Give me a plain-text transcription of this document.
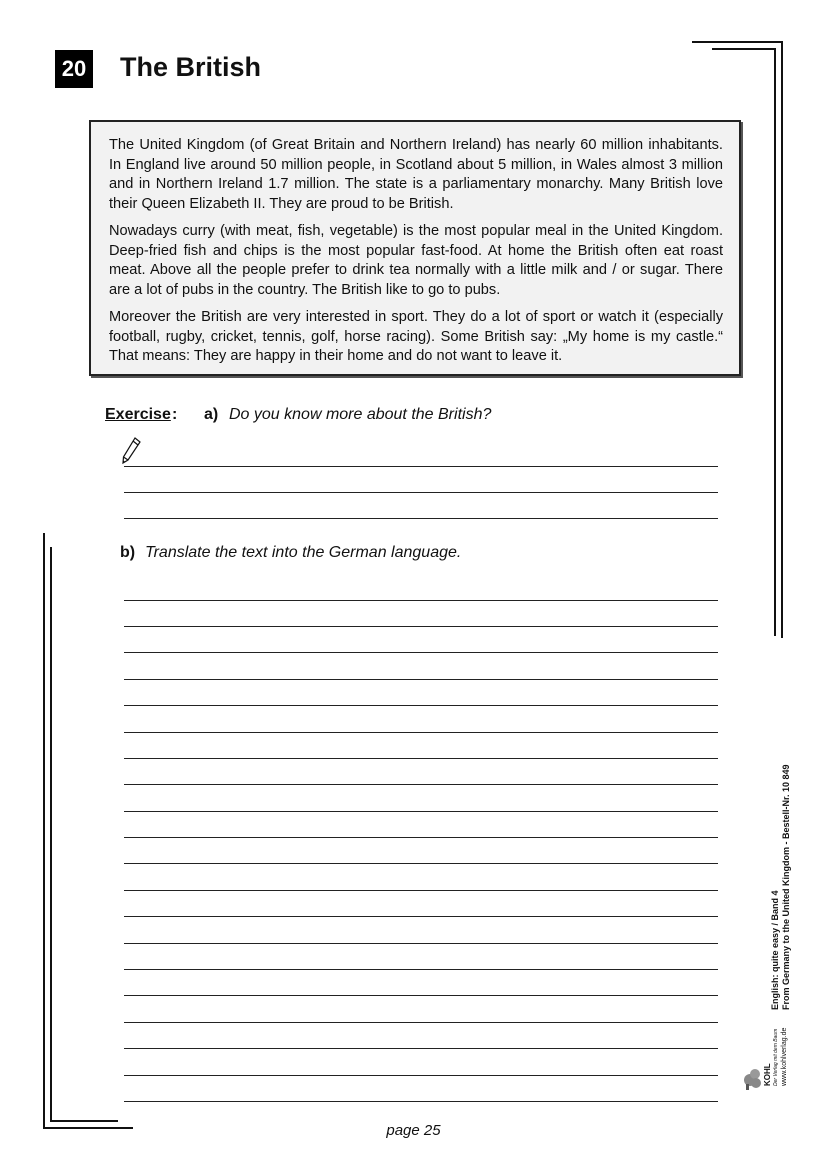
20 The British

The United Kingdom (of Great Britain and Northern Ireland) has nearly 60 million inhabitants. In England live around 50 million people, in Scotland about 5 million, in Wales almost 3 million and in Northern Ireland 1.7 million. The state is a parliamentary monarchy. Many British love their Queen Elizabeth II. They are proud to be British.

Nowadays curry (with meat, fish, vegetable) is the most popular meal in the United Kingdom. Deep-fried fish and chips is the most popular fast-food. At home the British often eat roast meat. Above all the people prefer to drink tea normally with a little milk and / or sugar. There are a lot of pubs in the country. The British like to go to pubs.

Moreover the British are very interested in sport. They do a lot of sport or watch it (especially football, rugby, cricket, tennis, golf, horse racing). Some British say: „My home is my castle.“ That means: They are happy in their home and do not want to leave it.

Exercise : a) Do you know more about the British?
b) Translate the text into the German language.
English: quite easy / Band 4 From Germany to the United Kingdom - Bestell-Nr. 10 849
KOHL Der Verlag mit dem Baum www.kohlverlag.de
page 25
